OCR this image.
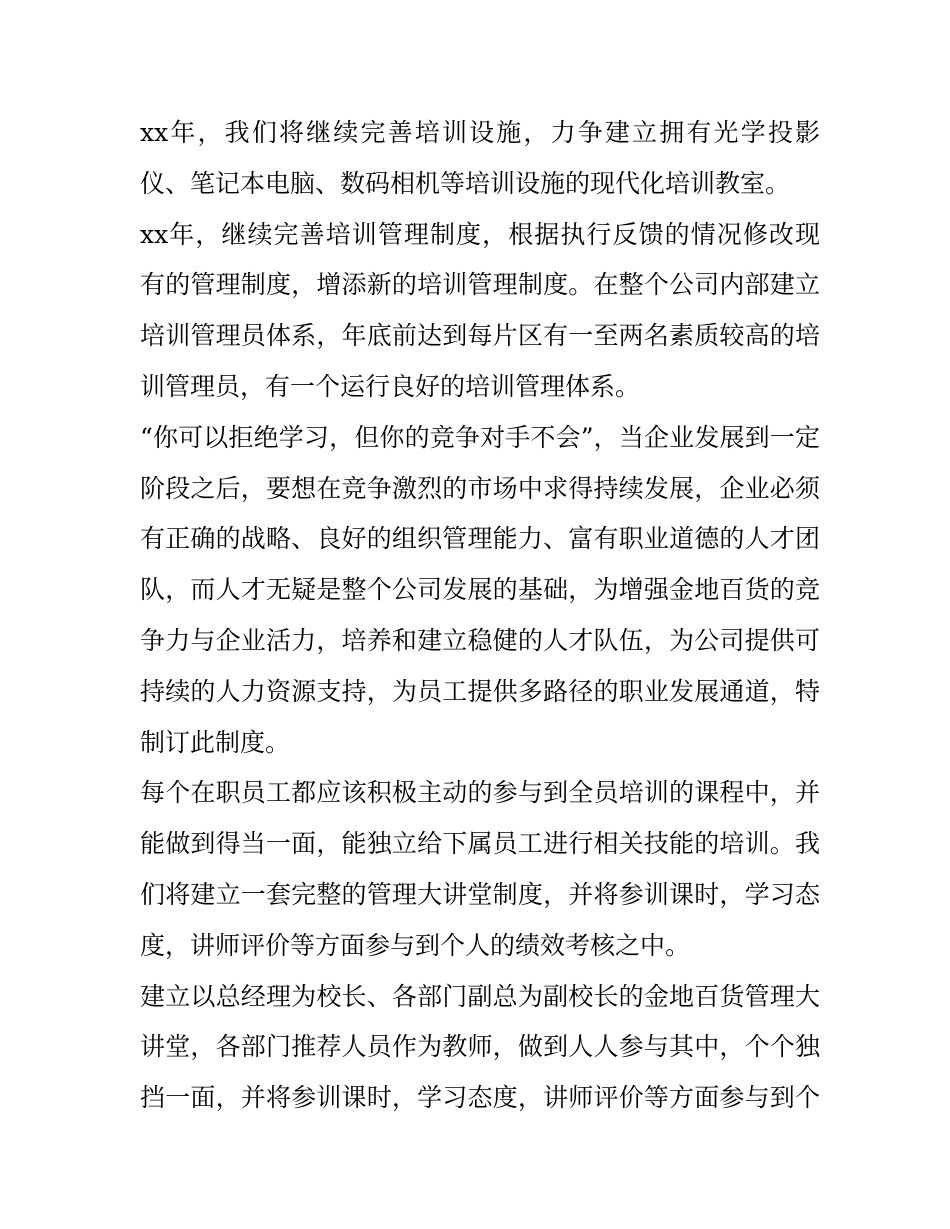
xx年，我们将继续完善培训设施，力争建立拥有光学投影
仪、笔记本电脑、数码相机等培训设施的现代化培训教室。
xx年，继续完善培训管理制度，根据执行反馈的情况修改现
有的管理制度，增添新的培训管理制度。在整个公司内部建立
培训管理员体系，年底前达到每片区有一至两名素质较高的培
训管理员，有一个运行良好的培训管理体系。
“你可以拒绝学习，但你的竞争对手不会”，当企业发展到一定
阶段之后，要想在竞争激烈的市场中求得持续发展，企业必须
有正确的战略、良好的组织管理能力、富有职业道德的人才团
队，而人才无疑是整个公司发展的基础，为增强金地百货的竞
争力与企业活力，培养和建立稳健的人才队伍，为公司提供可
持续的人力资源支持，为员工提供多路径的职业发展通道，特
制订此制度。
每个在职员工都应该积极主动的参与到全员培训的课程中，并
能做到得当一面，能独立给下属员工进行相关技能的培训。我
们将建立一套完整的管理大讲堂制度，并将参训课时，学习态
度，讲师评价等方面参与到个人的绩效考核之中。
建立以总经理为校长、各部门副总为副校长的金地百货管理大
讲堂，各部门推荐人员作为教师，做到人人参与其中，个个独
挡一面，并将参训课时，学习态度，讲师评价等方面参与到个
